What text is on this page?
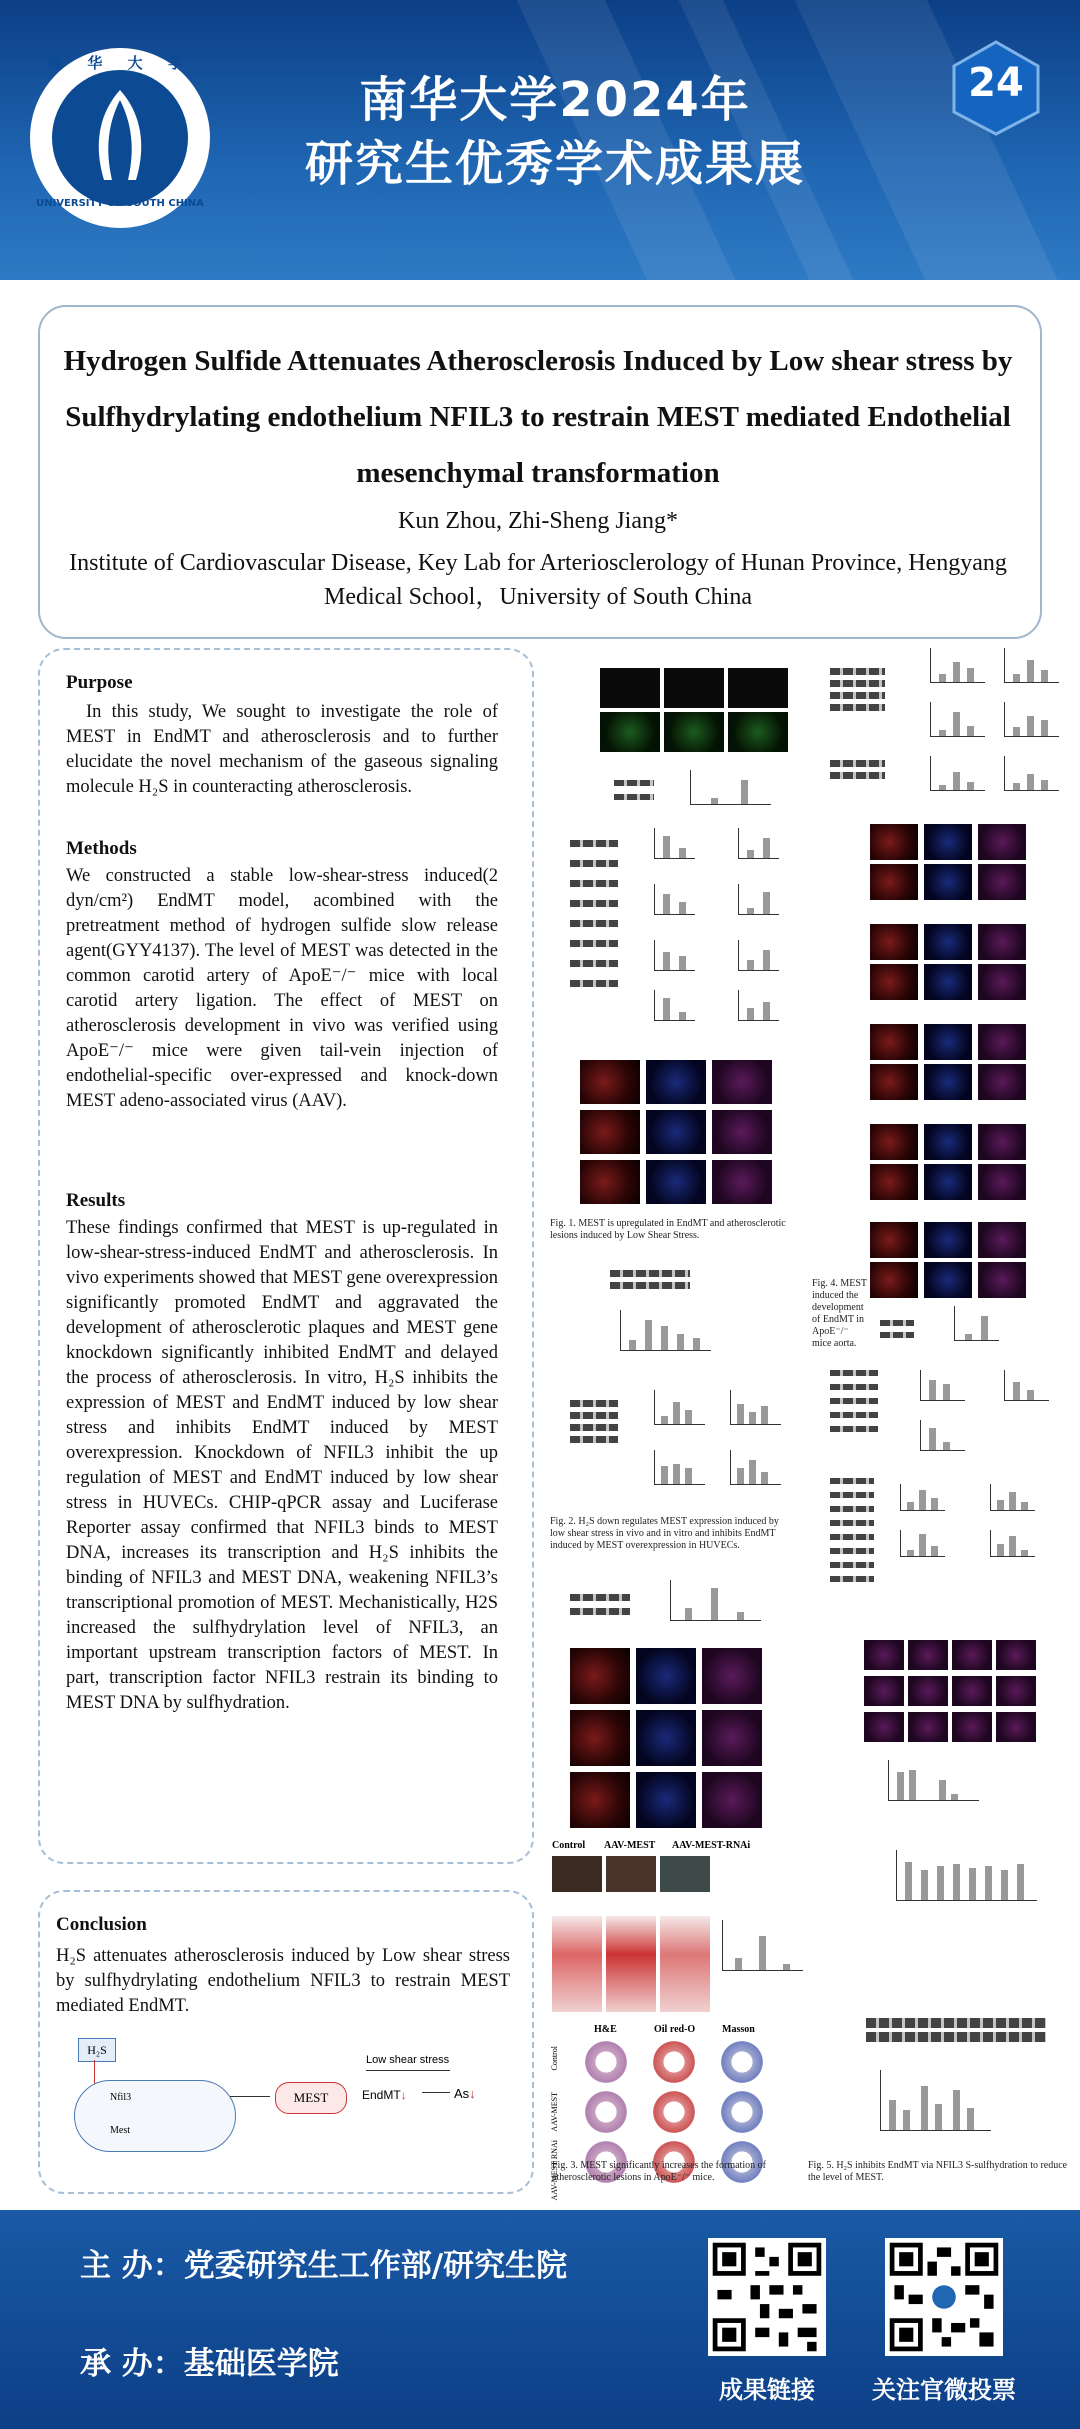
南 华 大 学
UNIVERSITY OF SOUTH CHINA
南华大学2024年
研究生优秀学术成果展
24
Hydrogen Sulfide Attenuates Atherosclerosis Induced by Low shear stress by Sulfhydrylating endothelium NFIL3 to restrain MEST mediated Endothelial mesenchymal transformation
Kun Zhou, Zhi-Sheng Jiang*
Institute of Cardiovascular Disease, Key Lab for Arteriosclerology of Hunan Province, Hengyang Medical School，University of South China
Purpose
In this study, We sought to investigate the role of MEST in EndMT and atherosclerosis and to further elucidate the novel mechanism of the gaseous signaling molecule H₂S in counteracting atherosclerosis.
Methods
We constructed a stable low-shear-stress induced(2 dyn/cm²) EndMT model, acombined with the pretreatment method of hydrogen sulfide slow release agent(GYY4137). The level of MEST was detected in the common carotid artery of ApoE⁻/⁻ mice with local carotid artery ligation. The effect of MEST on atherosclerosis development in vivo was verified using ApoE⁻/⁻ mice were given tail-vein injection of endothelial-specific over-expressed and knock-down MEST adeno-associated virus (AAV).
Results
These findings confirmed that MEST is up-regulated in low-shear-stress-induced EndMT and atherosclerosis. In vivo experiments showed that MEST gene overexpression significantly promoted EndMT and aggravated the development of atherosclerotic plaques and MEST gene knockdown significantly inhibited EndMT and delayed the process of atherosclerosis. In vitro, H₂S inhibits the expression of MEST and EndMT induced by low shear stress and inhibits EndMT induced by MEST overexpression. Knockdown of NFIL3 inhibit the up regulation of MEST and EndMT induced by low shear stress in HUVECs. CHIP-qPCR assay and Luciferase Reporter assay confirmed that NFIL3 binds to MEST DNA, increases its transcription and H₂S inhibits the binding of NFIL3 and MEST DNA, weakening NFIL3’s transcriptional promotion of MEST. Mechanistically, H2S increased the sulfhydrylation level of NFIL3, an important upstream transcription factors of MEST. In part, transcription factor NFIL3 restrain its binding to MEST DNA by sulfhydration.
Conclusion
H₂S attenuates atherosclerosis induced by Low shear stress by sulfhydrylating endothelium NFIL3 to restrain MEST mediated EndMT.
H₂S
Nfil3
Mest
MEST
Low shear stress
EndMT↓	As↓
Fig. 1. MEST is upregulated in EndMT and atherosclerotic lesions induced by Low Shear Stress.
Fig. 4. MEST induced the development of EndMT in ApoE⁻/⁻ mice aorta.
Fig. 2. H₂S down regulates MEST expression induced by low shear stress in vivo and in vitro and inhibits EndMT induced by MEST overexpression in HUVECs.
Control AAV-MEST AAV-MEST-RNAi
H&E	Oil red-O	Masson
Control
AAV-MEST
AAV-MEST RNAi
Fig. 3. MEST significantly increases the formation of atherosclerotic lesions in ApoE⁻/⁻ mice.
Fig. 5. H₂S inhibits EndMT via NFIL3 S-sulfhydration to reduce the level of MEST.
主 办：党委研究生工作部/研究生院
承 办：基础医学院
成果链接	关注官微投票
